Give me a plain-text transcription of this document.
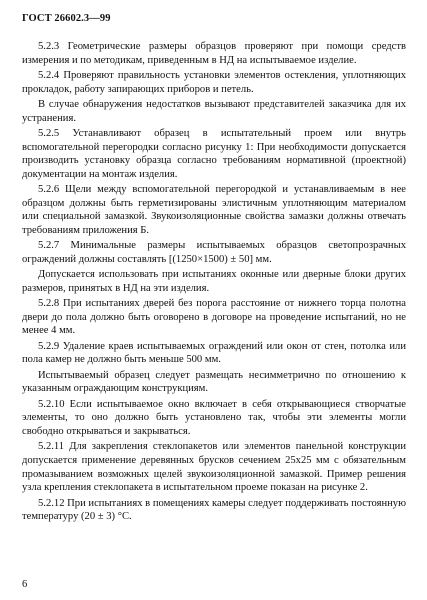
ГОСТ 26602.3—99

5.2.3 Геометрические размеры образцов проверяют при помощи средств измерения и по методикам, приведенным в НД на испытываемое изделие.

5.2.4 Проверяют правильность установки элементов остекления, уплотняющих прокладок, работу запирающих приборов и петель.

В случае обнаружения недостатков вызывают представителей заказчика для их устранения.

5.2.5 Устанавливают образец в испытательный проем или внутрь вспомогательной перегородки согласно рисунку 1: При необходимости допускается производить установку образца согласно требованиям нормативной (проектной) документации на монтаж изделия.

5.2.6 Щели между вспомогательной перегородкой и устанавливаемым в нее образцом должны быть герметизированы элистичным уплотняющим материалом или специальной замазкой. Звукоизоляционные свойства замазки должны отвечать требованиям приложения Б.

5.2.7 Минимальные размеры испытываемых образцов светопрозрачных ограждений должны составлять [(1250×1500) ± 50] мм.

Допускается использовать при испытаниях оконные или дверные блоки других размеров, принятых в НД на эти изделия.

5.2.8 При испытаниях дверей без порога расстояние от нижнего торца полотна двери до пола должно быть оговорено в договоре на проведение испытаний, но не менее 4 мм.

5.2.9 Удаление краев испытываемых ограждений или окон от стен, потолка или пола камер не должно быть меньше 500 мм.

Испытываемый образец следует размещать несимметрично по отношению к указанным ограждающим конструкциям.

5.2.10 Если испытываемое окно включает в себя открывающиеся створчатые элементы, то оно должно быть установлено так, чтобы эти элементы могли свободно открываться и закрываться.

5.2.11 Для закрепления стеклопакетов или элементов панельной конструкции допускается применение деревянных брусков сечением 25x25 мм с обязательным промазыванием возможных щелей звукоизоляционной замазкой. Пример решения узла крепления стеклопакета в испытательном проеме показан на рисунке 2.

5.2.12 При испытаниях в помещениях камеры следует поддерживать постоянную температуру (20 ± 3) °С.

6
